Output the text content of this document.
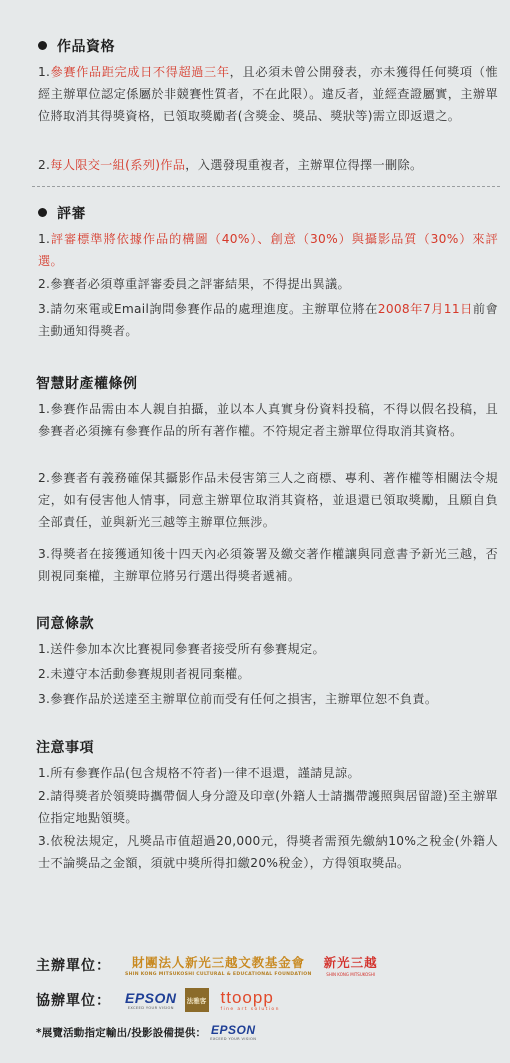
作品資格
1.參賽作品距完成日不得超過三年，且必須未曾公開發表，亦未獲得任何獎項（惟經主辦單位認定係屬於非競賽性質者，不在此限）。違反者，並經查證屬實，主辦單位將取消其得獎資格，已領取獎勵者(含獎金、獎品、獎狀等)需立即返還之。
2.每人限交一組(系列)作品，入選發現重複者，主辦單位得擇一刪除。
評審
1.評審標準將依據作品的構圖（40%）、創意（30%）與攝影品質（30%）來評選。
2.參賽者必須尊重評審委員之評審結果，不得提出異議。
3.請勿來電或Email詢問參賽作品的處理進度。主辦單位將在2008年7月11日前會主動通知得獎者。
智慧財產權條例
1.參賽作品需由本人親自拍攝，並以本人真實身份資料投稿，不得以假名投稿，且參賽者必須擁有參賽作品的所有著作權。不符規定者主辦單位得取消其資格。
2.參賽者有義務確保其攝影作品未侵害第三人之商標、專利、著作權等相關法令規定，如有侵害他人情事，同意主辦單位取消其資格，並退還已領取獎勵，且願自負全部責任，並與新光三越等主辦單位無涉。
3.得獎者在接獲通知後十四天內必須簽署及繳交著作權讓與同意書予新光三越，否則視同棄權，主辦單位將另行選出得獎者遞補。
同意條款
1.送件參加本次比賽視同參賽者接受所有參賽規定。
2.未遵守本活動參賽規則者視同棄權。
3.參賽作品於送達至主辦單位前而受有任何之損害，主辦單位恕不負責。
注意事項
1.所有參賽作品(包含規格不符者)一律不退還，謹請見諒。
2.請得獎者於領獎時攜帶個人身分證及印章(外籍人士請攜帶護照與居留證)至主辦單位指定地點領獎。
3.依稅法規定，凡獎品市值超過20,000元，得獎者需預先繳納10%之稅金(外籍人士不論獎品之金額，須就中獎所得扣繳20%稅金），方得領取獎品。
主辦單位： 財團法人新光三越文教基金會
SHIN KONG MITSUKOSHI CULTURAL & EDUCATIONAL FOUNDATION
新光三越
SHIN KONG MITSUKOSHI
協辦單位： EPSON
EXCEED YOUR VISION
法雅客 ttoopp
fine art solution
*展覽活動指定輸出/投影設備提供： EPSON
EXCEED YOUR VISION
